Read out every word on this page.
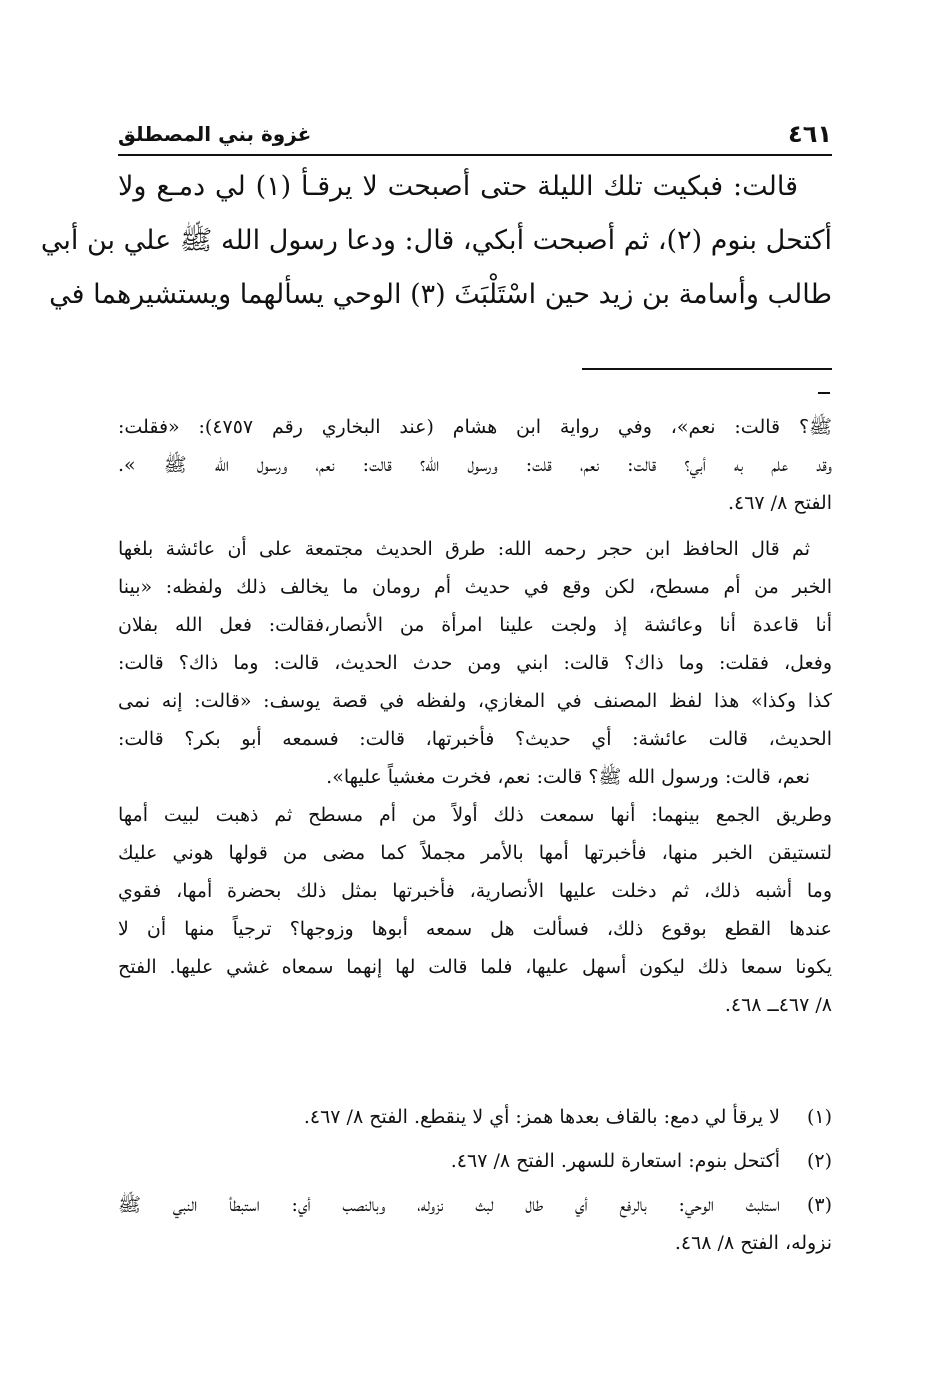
٤٦١
غزوة بني المصطلق
قالت: فبكيت تلك الليلة حتى أصبحت لا يرقـأ (١) لي دمـع ولا
أكتحل بنوم (٢)، ثم أصبحت أبكي، قال: ودعا رسول الله ﷺ علي بن أبي
طالب وأسامة بن زيد حين اسْتَلْبَثَ (٣) الوحي يسألهما ويستشيرهما في
ﷺ؟ قالت: نعم»، وفي رواية ابن هشام (عند البخاري رقم ٤٧٥٧): «فقلت:
وقد علم به أبي؟ قالت: نعم، قلت: ورسول الله؟ قالت: نعم، ورسول الله ﷺ ».
الفتح ٨/ ٤٦٧.
ثم قال الحافظ ابن حجر رحمه الله: طرق الحديث مجتمعة على أن عائشة بلغها
الخبر من أم مسطح، لكن وقع في حديث أم رومان ما يخالف ذلك ولفظه: «بينا
أنا قاعدة أنا وعائشة إذ ولجت علينا امرأة من الأنصار،فقالت: فعل الله بفلان
وفعل، فقلت: وما ذاك؟ قالت: ابني ومن حدث الحديث، قالت: وما ذاك؟ قالت:
كذا وكذا» هذا لفظ المصنف في المغازي، ولفظه في قصة يوسف: «قالت: إنه نمى
الحديث، قالت عائشة: أي حديث؟ فأخبرتها، قالت: فسمعه أبو بكر؟ قالت:
نعم، قالت: ورسول الله ﷺ؟ قالت: نعم، فخرت مغشياً عليها».
وطريق الجمع بينهما: أنها سمعت ذلك أولاً من أم مسطح ثم ذهبت لبيت أمها
لتستيقن الخبر منها، فأخبرتها أمها بالأمر مجملاً كما مضى من قولها هوني عليك
وما أشبه ذلك، ثم دخلت عليها الأنصارية، فأخبرتها بمثل ذلك بحضرة أمها، فقوي
عندها القطع بوقوع ذلك، فسألت هل سمعه أبوها وزوجها؟ ترجياً منها أن لا
يكونا سمعا ذلك ليكون أسهل عليها، فلما قالت لها إنهما سمعاه غشي عليها. الفتح
٨/ ٤٦٧ــ ٤٦٨.
(١)
لا يرقأ لي دمع: بالقاف بعدها همز: أي لا ينقطع. الفتح ٨/ ٤٦٧.
(٢)
أكتحل بنوم: استعارة للسهر. الفتح ٨/ ٤٦٧.
(٣)
استلبث الوحي: بالرفع أي طال لبث نزوله، وبالنصب أي: استبطأ النبي ﷺ
نزوله، الفتح ٨/ ٤٦٨.
